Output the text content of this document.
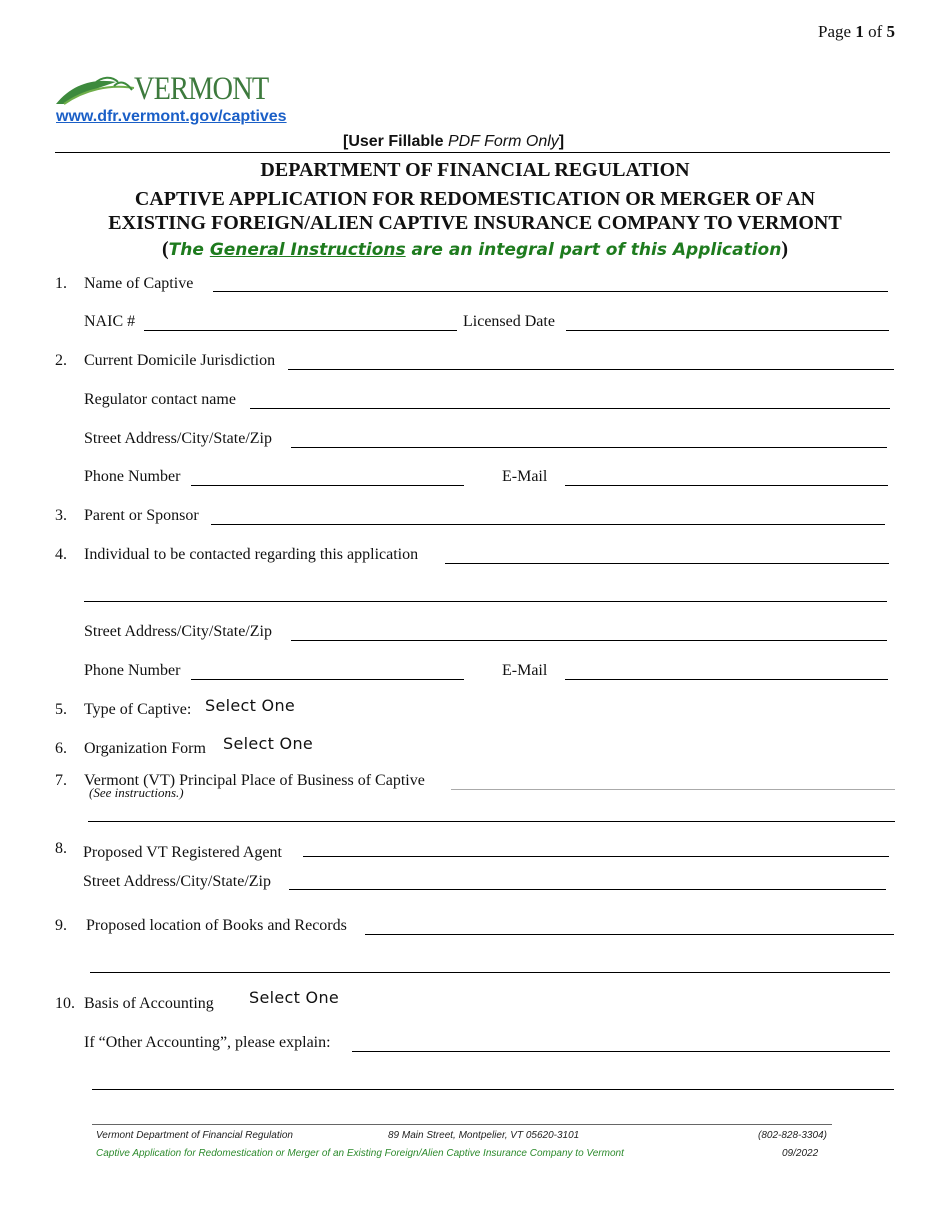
Page 1 of 5
VERMONT
www.dfr.vermont.gov/captives
[User Fillable PDF Form Only]
DEPARTMENT OF FINANCIAL REGULATION
CAPTIVE APPLICATION FOR REDOMESTICATION OR MERGER OF AN
EXISTING FOREIGN/ALIEN CAPTIVE INSURANCE COMPANY TO VERMONT
(The General Instructions are an integral part of this Application)
1. Name of Captive
NAIC #	Licensed Date
2. Current Domicile Jurisdiction
Regulator contact name
Street Address/City/State/Zip
Phone Number	E-Mail
3. Parent or Sponsor
4. Individual to be contacted regarding this application
Street Address/City/State/Zip
Phone Number	E-Mail
5. Type of Captive: Select One
6. Organization Form Select One
7. Vermont (VT) Principal Place of Business of Captive
(See instructions.)
8. Proposed VT Registered Agent
Street Address/City/State/Zip
9. Proposed location of Books and Records
10. Basis of Accounting Select One
If “Other Accounting”, please explain:
Vermont Department of Financial Regulation	89 Main Street, Montpelier, VT 05620-3101	(802-828-3304)
Captive Application for Redomestication or Merger of an Existing Foreign/Alien Captive Insurance Company to Vermont	09/2022
